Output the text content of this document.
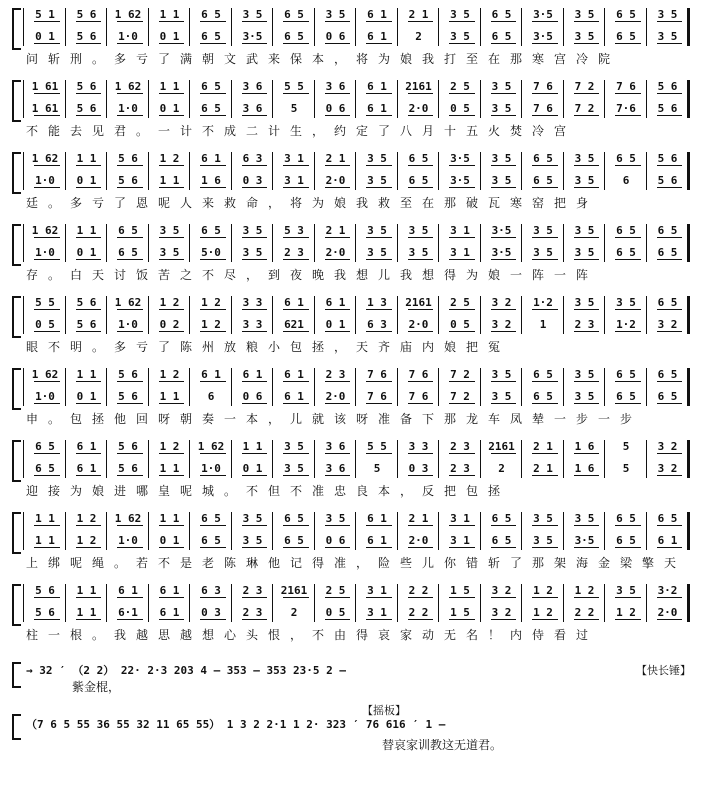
5 1	5 6	1 62	1 1	6 5	3 5	6 5	3 5	6 1	2 1	3 5	6 5	3·5	3 5	6 5	3 5
0 1	5 6	1·0	0 1	6 5	3·5	6 5	0 6	6 1	2	3 5	6 5	3·5	3 5	6 5	3 5
问斩刑。多亏了满朝文武来保本，将为娘我打至在那寒宫冷院
1 61	5 6	1 62	1 1	6 5	3 6	5 5	3 6	6 1	2161	2 5	3 5	7 6	7 2	7 6	5 6
1 61	5 6	1·0	0 1	6 5	3 6	5	0 6	6 1	2·0	0 5	3 5	7 6	7 2	7·6	5 6
不能去见君。一计不成二计生，约定了八月十五火焚冷宫
1 62	1 1	5 6	1 2	6 1	6 3	3 1	2 1	3 5	6 5	3·5	3 5	6 5	3 5	6 5	5 6
1·0	0 1	5 6	1 1	1 6	0 3	3 1	2·0	3 5	6 5	3·5	3 5	6 5	3 5	6	5 6
廷。多亏了恩呢人来救命，将为娘我救至在那破瓦寒窑把身
1 62	1 1	6 5	3 5	6 5	3 5	5 3	2 1	3 5	3 5	3 1	3·5	3 5	3 5	6 5	6 5
1·0	0 1	6 5	3 5	5·0	3 5	2 3	2·0	3 5	3 5	3 1	3·5	3 5	3 5	6 5	6 5
存。白天讨饭苦之不尽，到夜晚我想儿我想得为娘一阵一阵
5 5	5 6	1 62	1 2	1 2	3 3	6 1	6 1	1 3	2161	2 5	3 2	1·2	3 5	3 5	6 5
0 5	5 6	1·0	0 2	1 2	3 3	621	0 1	6 3	2·0	0 5	3 2	1	2 3	1·2	3 2
眼不明。多亏了陈州放粮小包拯，天齐庙内娘把冤
1 62	1 1	5 6	1 2	6 1	6 1	6 1	2 3	7 6	7 6	7 2	3 5	6 5	3 5	6 5	6 5
1·0	0 1	5 6	1 1	6	0 6	6 1	2·0	7 6	7 6	7 2	3 5	6 5	3 5	6 5	6 5
申。包拯他回呀朝奏一本，儿就该呀准备下那龙车凤辇一步一步
6 5	6 1	5 6	1 2	1 62	1 1	3 5	3 6	5 5	3 3	2 3	2161	2 1	1 6	5	3 2
6 5	6 1	5 6	1 1	1·0	0 1	3 5	3 6	5	0 3	2 3	2	2 1	1 6	5	3 2
迎接为娘进哪皇呢城。不但不准忠良本，反把包拯
1 1	1 2	1 62	1 1	6 5	3 5	6 5	3 5	6 1	2 1	3 1	6 5	3 5	3 5	6 5	6 5
1 1	1 2	1·0	0 1	6 5	3 5	6 5	0 6	6 1	2·0	3 1	6 5	3 5	3·5	6 5	6 1
上绑呢绳。若不是老陈琳他记得准，险些儿你错斩了那架海金梁擎天
5 6	1 1	6 1	6 1	6 3	2 3	2161	2 5	3 1	2 2	1 5	3 2	1 2	1 2	3 5	3·2
5 6	1 1	6·1	6 1	0 3	2 3	2	0 5	3 1	2 2	1 5	3 2	1 2	2 2	1 2	2·0
柱一根。我越思越想心头恨，不由得哀家动无名！内侍看过
→ 32 ′ （2 2） 22· 2·3 203 4 – 353 – 353 23·5 2 –
紫金棍，
【快长锤】
【摇板】
（7 6 5 55 36 55 32 11 65 55） 1 3 2 2·1 1 2· 323 ′ 76 616 ′ 1 –
替哀家训教这无道君。
